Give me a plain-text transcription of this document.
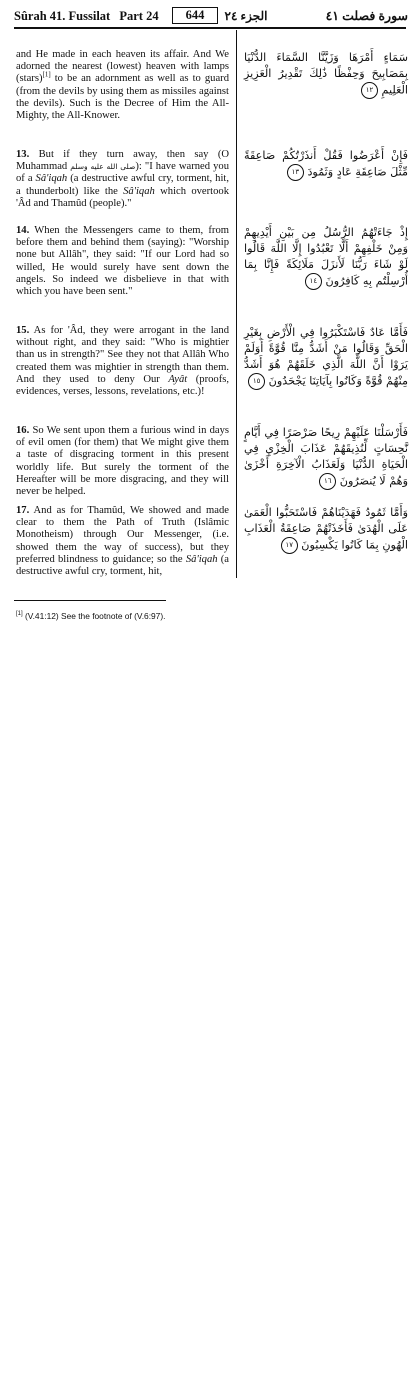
Sûrah 41. Fussilat Part 24	644	الجزء ٢٤	سورة فصلت ٤١

and He made in each heaven its affair. And We adorned the nearest (lowest) heaven with lamps (stars)[1] to be an adornment as well as to guard (from the devils by using them as missiles against the devils). Such is the Decree of Him the All-Mighty, the All-Knower.

13. But if they turn away, then say (O Muhammad صلى الله عليه وسلم): "I have warned you of a Sâ'iqah (a destructive awful cry, torment, hit, a thunderbolt) like the Sâ'iqah which overtook 'Âd and Thamûd (people)."

14. When the Messengers came to them, from before them and behind them (saying): "Worship none but Allâh", they said: "If our Lord had so willed, He would surely have sent down the angels. So indeed we disbelieve in that with which you have been sent."

15. As for 'Âd, they were arrogant in the land without right, and they said: "Who is mightier than us in strength?" See they not that Allâh Who created them was mightier in strength than them. And they used to deny Our Ayât (proofs, evidences, verses, lessons, revelations, etc.)!

16. So We sent upon them a furious wind in days of evil omen (for them) that We might give them a taste of disgracing torment in this present worldly life. But surely the torment of the Hereafter will be more disgracing, and they will never be helped.

17. And as for Thamûd, We showed and made clear to them the Path of Truth (Islâmic Monotheism) through Our Messenger, (i.e. showed them the way of success), but they preferred blindness to guidance; so the Sâ'iqah (a destructive awful cry, torment, hit,

سَمَاءٍ أَمْرَهَا وَزَيَّنَّا السَّمَاءَ الدُّنْيَا بِمَصَابِيحَ وَحِفْظًا ذَٰلِكَ تَقْدِيرُ الْعَزِيزِ الْعَلِيمِ ١٢

فَإِنْ أَعْرَضُوا فَقُلْ أَنذَرْتُكُمْ صَاعِقَةً مِّثْلَ صَاعِقَةِ عَادٍ وَثَمُودَ ١٣

إِذْ جَاءَتْهُمُ الرُّسُلُ مِن بَيْنِ أَيْدِيهِمْ وَمِنْ خَلْفِهِمْ أَلَّا تَعْبُدُوا إِلَّا اللَّهَ قَالُوا لَوْ شَاءَ رَبُّنَا لَأَنزَلَ مَلَائِكَةً فَإِنَّا بِمَا أُرْسِلْتُم بِهِ كَافِرُونَ ١٤

فَأَمَّا عَادٌ فَاسْتَكْبَرُوا فِي الْأَرْضِ بِغَيْرِ الْحَقِّ وَقَالُوا مَنْ أَشَدُّ مِنَّا قُوَّةً أَوَلَمْ يَرَوْا أَنَّ اللَّهَ الَّذِي خَلَقَهُمْ هُوَ أَشَدُّ مِنْهُمْ قُوَّةً وَكَانُوا بِآيَاتِنَا يَجْحَدُونَ ١٥

فَأَرْسَلْنَا عَلَيْهِمْ رِيحًا صَرْصَرًا فِي أَيَّامٍ نَّحِسَاتٍ لِّنُذِيقَهُمْ عَذَابَ الْخِزْيِ فِي الْحَيَاةِ الدُّنْيَا وَلَعَذَابُ الْآخِرَةِ أَخْزَىٰ وَهُمْ لَا يُنصَرُونَ ١٦

وَأَمَّا ثَمُودُ فَهَدَيْنَاهُمْ فَاسْتَحَبُّوا الْعَمَىٰ عَلَى الْهُدَىٰ فَأَخَذَتْهُمْ صَاعِقَةُ الْعَذَابِ الْهُونِ بِمَا كَانُوا يَكْسِبُونَ ١٧

[1] (V.41:12) See the footnote of (V.6:97).
